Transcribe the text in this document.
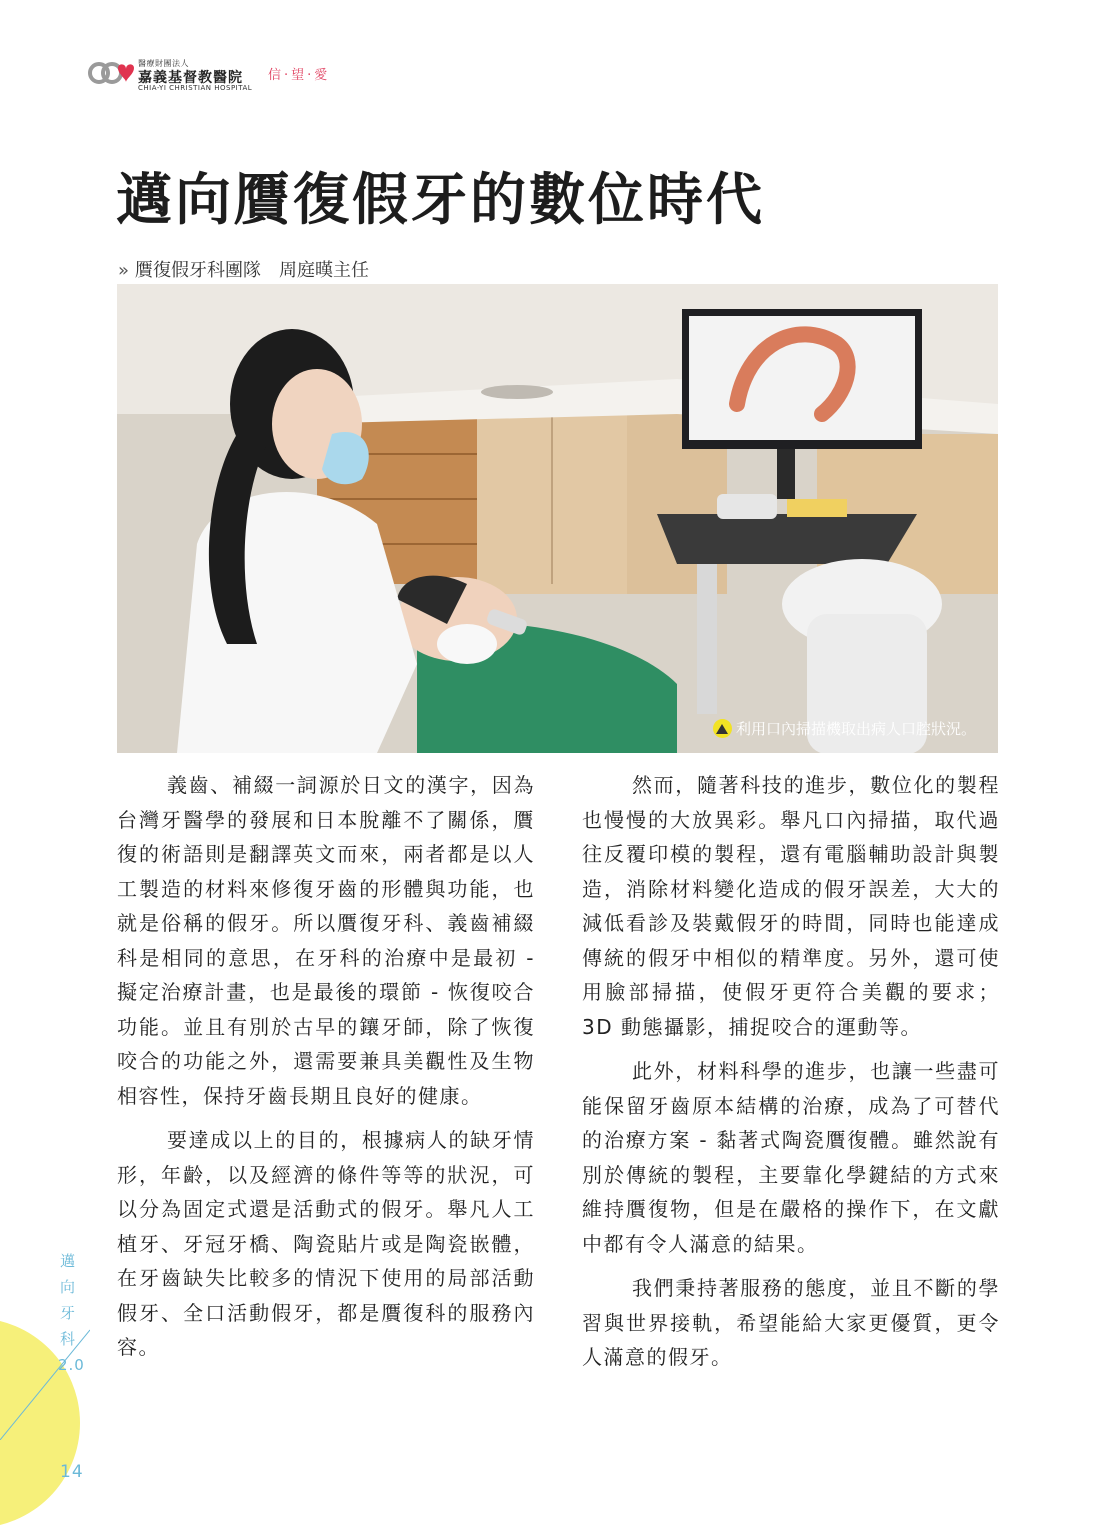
醫療財團法人
嘉義基督教醫院
CHIA-YI CHRISTIAN HOSPITAL
信‧望‧愛
邁向贋復假牙的數位時代
» 贋復假牙科團隊　周庭暵主任
利用口內掃描機取出病人口腔狀況。

義齒、補綴一詞源於日文的漢字，因為台灣牙醫學的發展和日本脫離不了關係，贋復的術語則是翻譯英文而來，兩者都是以人工製造的材料來修復牙齒的形體與功能，也就是俗稱的假牙。所以贋復牙科、義齒補綴科是相同的意思，在牙科的治療中是最初 - 擬定治療計畫，也是最後的環節 - 恢復咬合功能。並且有別於古早的鑲牙師，除了恢復咬合的功能之外，還需要兼具美觀性及生物相容性，保持牙齒長期且良好的健康。

要達成以上的目的，根據病人的缺牙情形，年齡，以及經濟的條件等等的狀況，可以分為固定式還是活動式的假牙。舉凡人工植牙、牙冠牙橋、陶瓷貼片或是陶瓷嵌體，在牙齒缺失比較多的情況下使用的局部活動假牙、全口活動假牙，都是贋復科的服務內容。

然而，隨著科技的進步，數位化的製程也慢慢的大放異彩。舉凡口內掃描，取代過往反覆印模的製程，還有電腦輔助設計與製造，消除材料變化造成的假牙誤差，大大的減低看診及裝戴假牙的時間，同時也能達成傳統的假牙中相似的精準度。另外，還可使用臉部掃描，使假牙更符合美觀的要求；3D 動態攝影，捕捉咬合的運動等。

此外，材料科學的進步，也讓一些盡可能保留牙齒原本結構的治療，成為了可替代的治療方案 - 黏著式陶瓷贋復體。雖然說有別於傳統的製程，主要靠化學鍵結的方式來維持贋復物，但是在嚴格的操作下，在文獻中都有令人滿意的結果。

我們秉持著服務的態度，並且不斷的學習與世界接軌，希望能給大家更優質，更令人滿意的假牙。

邁
向
牙
科
2.0
14
